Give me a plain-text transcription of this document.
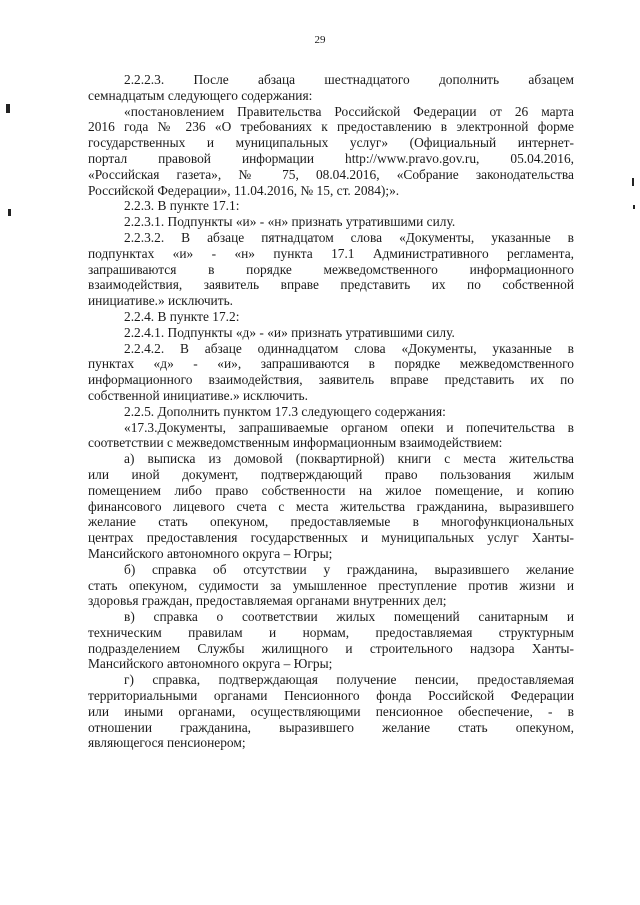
29
2.2.2.3. После абзаца шестнадцатого дополнить абзацем
семнадцатым следующего содержания:
«постановлением Правительства Российской Федерации от 26 марта
2016 года № 236 «О требованиях к предоставлению в электронной форме
государственных и муниципальных услуг» (Официальный интернет-
портал правовой информации http://www.pravo.gov.ru, 05.04.2016,
«Российская газета», № 75, 08.04.2016, «Собрание законодательства
Российской Федерации», 11.04.2016, № 15, ст. 2084);».
2.2.3. В пункте 17.1:
2.2.3.1. Подпункты «и» - «н» признать утратившими силу.
2.2.3.2. В абзаце пятнадцатом слова «Документы, указанные в
подпунктах «и» - «н» пункта 17.1 Административного регламента,
запрашиваются в порядке межведомственного информационного
взаимодействия, заявитель вправе представить их по собственной
инициативе.» исключить.
2.2.4. В пункте 17.2:
2.2.4.1. Подпункты «д» - «и» признать утратившими силу.
2.2.4.2. В абзаце одиннадцатом слова «Документы, указанные в
пунктах «д» - «и», запрашиваются в порядке межведомственного
информационного взаимодействия, заявитель вправе представить их по
собственной инициативе.» исключить.
2.2.5. Дополнить пунктом 17.3 следующего содержания:
«17.3.Документы, запрашиваемые органом опеки и попечительства в
соответствии с межведомственным информационным взаимодействием:
а) выписка из домовой (поквартирной) книги с места жительства
или иной документ, подтверждающий право пользования жилым
помещением либо право собственности на жилое помещение, и копию
финансового лицевого счета с места жительства гражданина, выразившего
желание стать опекуном, предоставляемые в многофункциональных
центрах предоставления государственных и муниципальных услуг Ханты-
Мансийского автономного округа – Югры;
б) справка об отсутствии у гражданина, выразившего желание
стать опекуном, судимости за умышленное преступление против жизни и
здоровья граждан, предоставляемая органами внутренних дел;
в) справка о соответствии жилых помещений санитарным и
техническим правилам и нормам, предоставляемая структурным
подразделением Службы жилищного и строительного надзора Ханты-
Мансийского автономного округа – Югры;
г) справка, подтверждающая получение пенсии, предоставляемая
территориальными органами Пенсионного фонда Российской Федерации
или иными органами, осуществляющими пенсионное обеспечение, - в
отношении гражданина, выразившего желание стать опекуном,
являющегося пенсионером;
